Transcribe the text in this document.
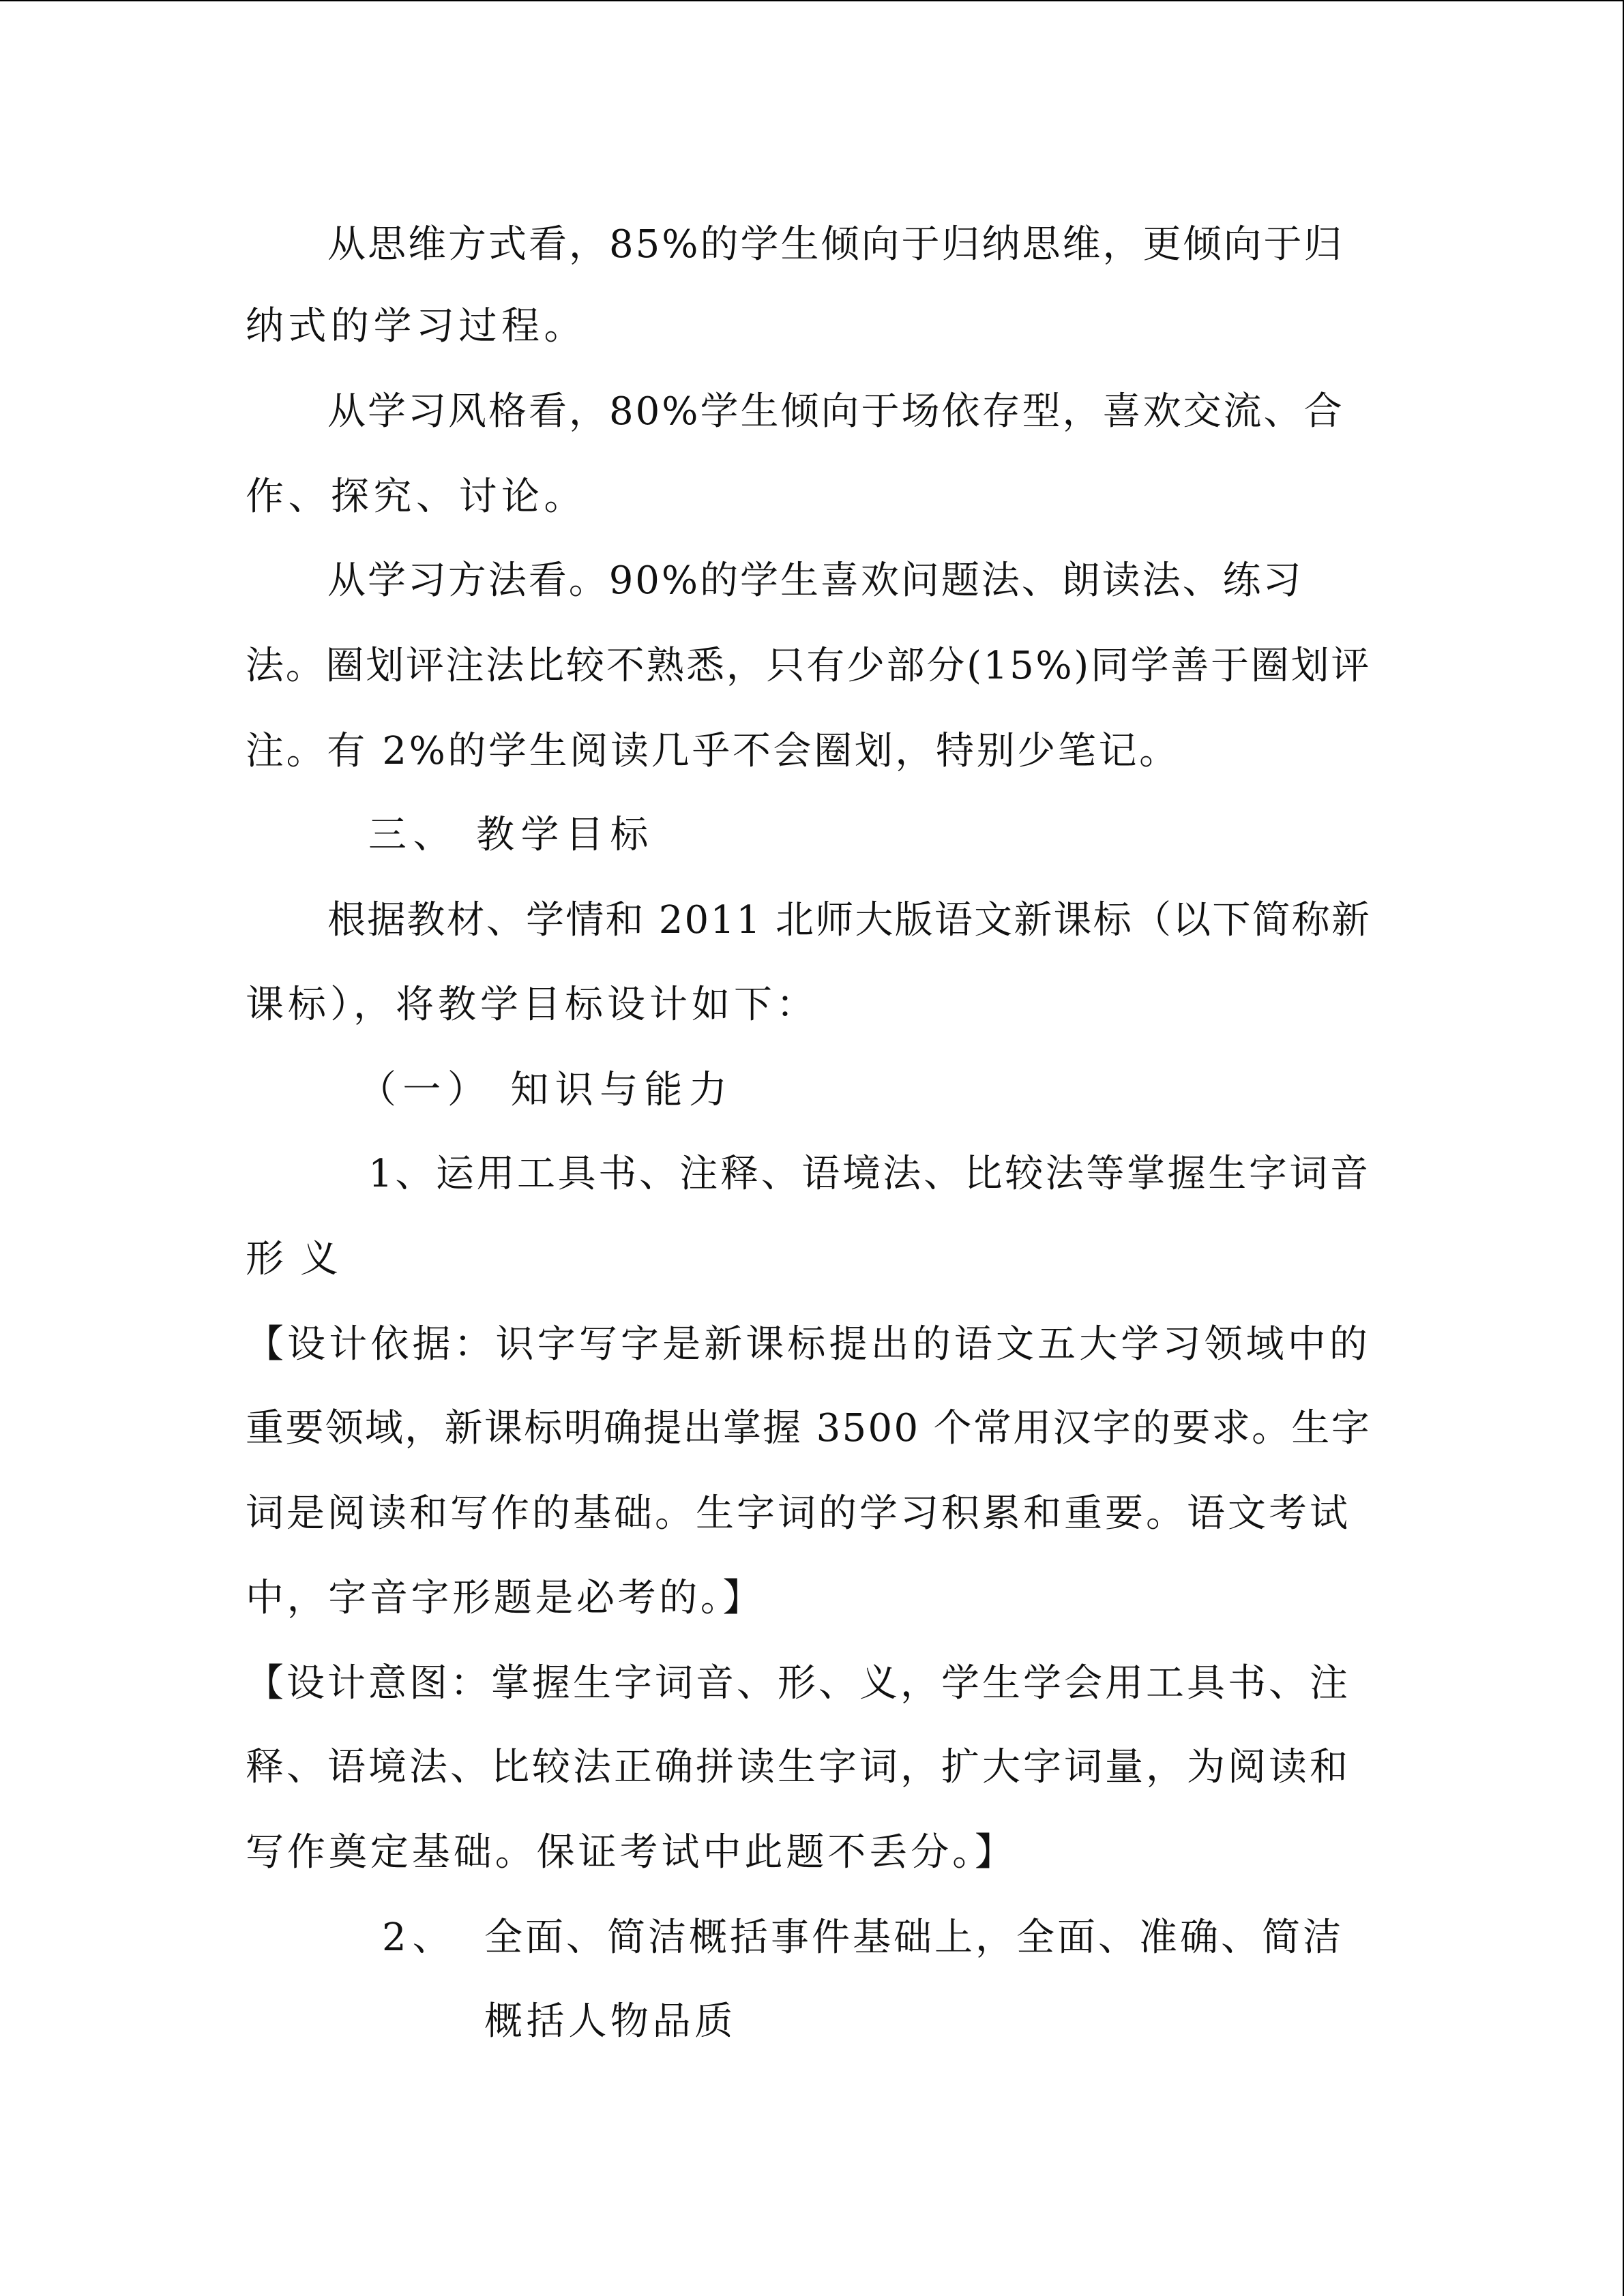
从思维方式看，85%的学生倾向于归纳思维，更倾向于归
纳式的学习过程。
从学习风格看，80%学生倾向于场依存型，喜欢交流、合
作、探究、讨论。
从学习方法看。90%的学生喜欢问题法、朗读法、练习
法。圈划评注法比较不熟悉，只有少部分(15%)同学善于圈划评
注。有 2%的学生阅读几乎不会圈划，特别少笔记。
三、 教学目标
根据教材、学情和 2011 北师大版语文新课标（以下简称新
课标），将教学目标设计如下：
（一） 知识与能力
1、运用工具书、注释、语境法、比较法等掌握生字词音
形义
【设计依据：识字写字是新课标提出的语文五大学习领域中的
重要领域，新课标明确提出掌握 3500 个常用汉字的要求。生字
词是阅读和写作的基础。生字词的学习积累和重要。语文考试
中，字音字形题是必考的。】
【设计意图：掌握生字词音、形、义，学生学会用工具书、注
释、语境法、比较法正确拼读生字词，扩大字词量，为阅读和
写作奠定基础。保证考试中此题不丢分。】
2、 全面、简洁概括事件基础上，全面、准确、简洁
概括人物品质
